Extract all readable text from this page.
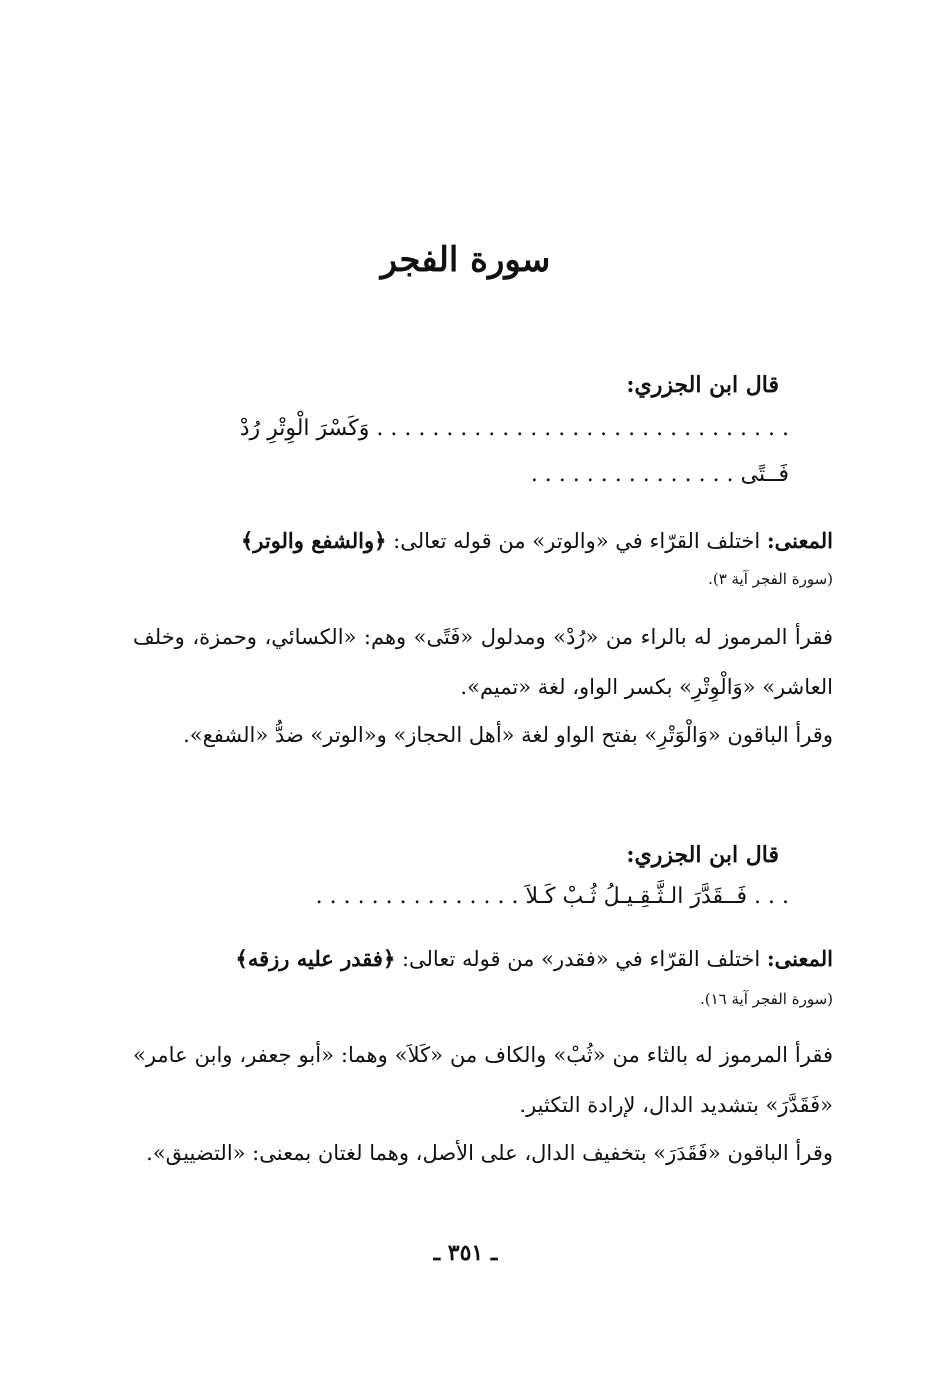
سورة الفجر
قال ابن الجزري:
. . . . . . . . . . . . . . . . . . . . . . . . . . . . . . وَكَسْرَ الْوِتْرِ رُدْ
فَــتًى . . . . . . . . . . . . . . .
المعنى: اختلف القرّاء في «والوتر» من قوله تعالى: ﴿والشفع والوتر﴾
(سورة الفجر آية ٣).
فقرأ المرموز له بالراء من «رُدْ» ومدلول «فَتًى» وهم: «الكسائي، وحمزة، وخلف العاشر» «وَالْوِتْرِ» بكسر الواو، لغة «تميم».
وقرأ الباقون «وَالْوَتْرِ» بفتح الواو لغة «أهل الحجاز» و«الوتر» ضدُّ «الشفع».
قال ابن الجزري:
. . . فَــقَدَّرَ الـثَّـقِـيـلُ ثُـبْ كَـلاَ . . . . . . . . . . . . . . .
المعنى: اختلف القرّاء في «فقدر» من قوله تعالى: ﴿فقدر عليه رزقه﴾
(سورة الفجر آية ١٦).
فقرأ المرموز له بالثاء من «ثُبْ» والكاف من «كَلاَ» وهما: «أبو جعفر، وابن عامر» «فَقَدَّرَ» بتشديد الدال، لإرادة التكثير.
وقرأ الباقون «فَقَدَرَ» بتخفيف الدال، على الأصل، وهما لغتان بمعنى: «التضييق».
ـ ٣٥١ ـ
